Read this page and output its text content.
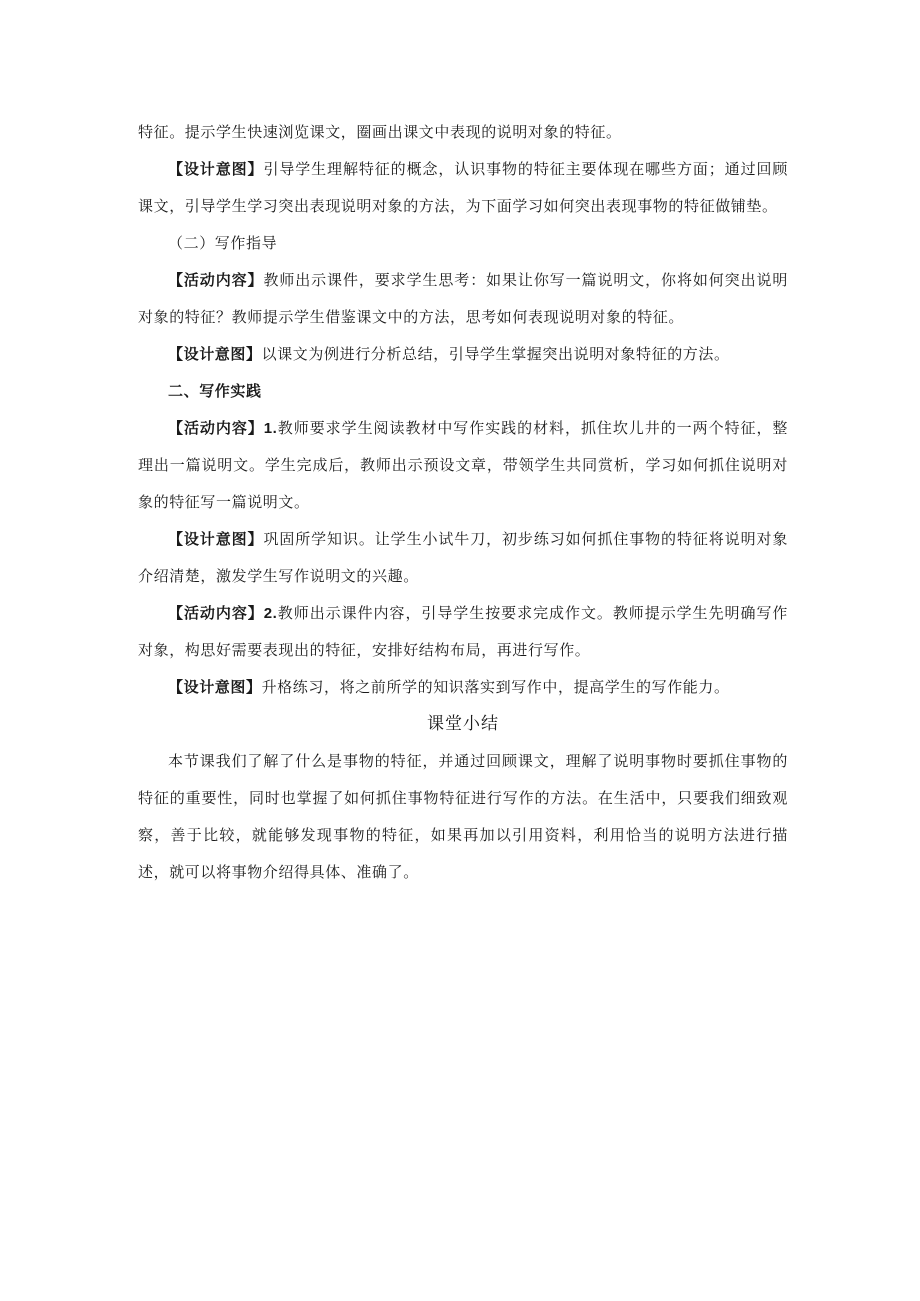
特征。提示学生快速浏览课文，圈画出课文中表现的说明对象的特征。

【设计意图】引导学生理解特征的概念，认识事物的特征主要体现在哪些方面；通过回顾课文，引导学生学习突出表现说明对象的方法，为下面学习如何突出表现事物的特征做铺垫。

（二）写作指导

【活动内容】教师出示课件，要求学生思考：如果让你写一篇说明文，你将如何突出说明对象的特征？教师提示学生借鉴课文中的方法，思考如何表现说明对象的特征。

【设计意图】以课文为例进行分析总结，引导学生掌握突出说明对象特征的方法。

二、写作实践

【活动内容】1.教师要求学生阅读教材中写作实践的材料，抓住坎儿井的一两个特征，整理出一篇说明文。学生完成后，教师出示预设文章，带领学生共同赏析，学习如何抓住说明对象的特征写一篇说明文。

【设计意图】巩固所学知识。让学生小试牛刀，初步练习如何抓住事物的特征将说明对象介绍清楚，激发学生写作说明文的兴趣。

【活动内容】2.教师出示课件内容，引导学生按要求完成作文。教师提示学生先明确写作对象，构思好需要表现出的特征，安排好结构布局，再进行写作。

【设计意图】升格练习，将之前所学的知识落实到写作中，提高学生的写作能力。

课堂小结

本节课我们了解了什么是事物的特征，并通过回顾课文，理解了说明事物时要抓住事物的特征的重要性，同时也掌握了如何抓住事物特征进行写作的方法。在生活中，只要我们细致观察，善于比较，就能够发现事物的特征，如果再加以引用资料，利用恰当的说明方法进行描述，就可以将事物介绍得具体、准确了。
